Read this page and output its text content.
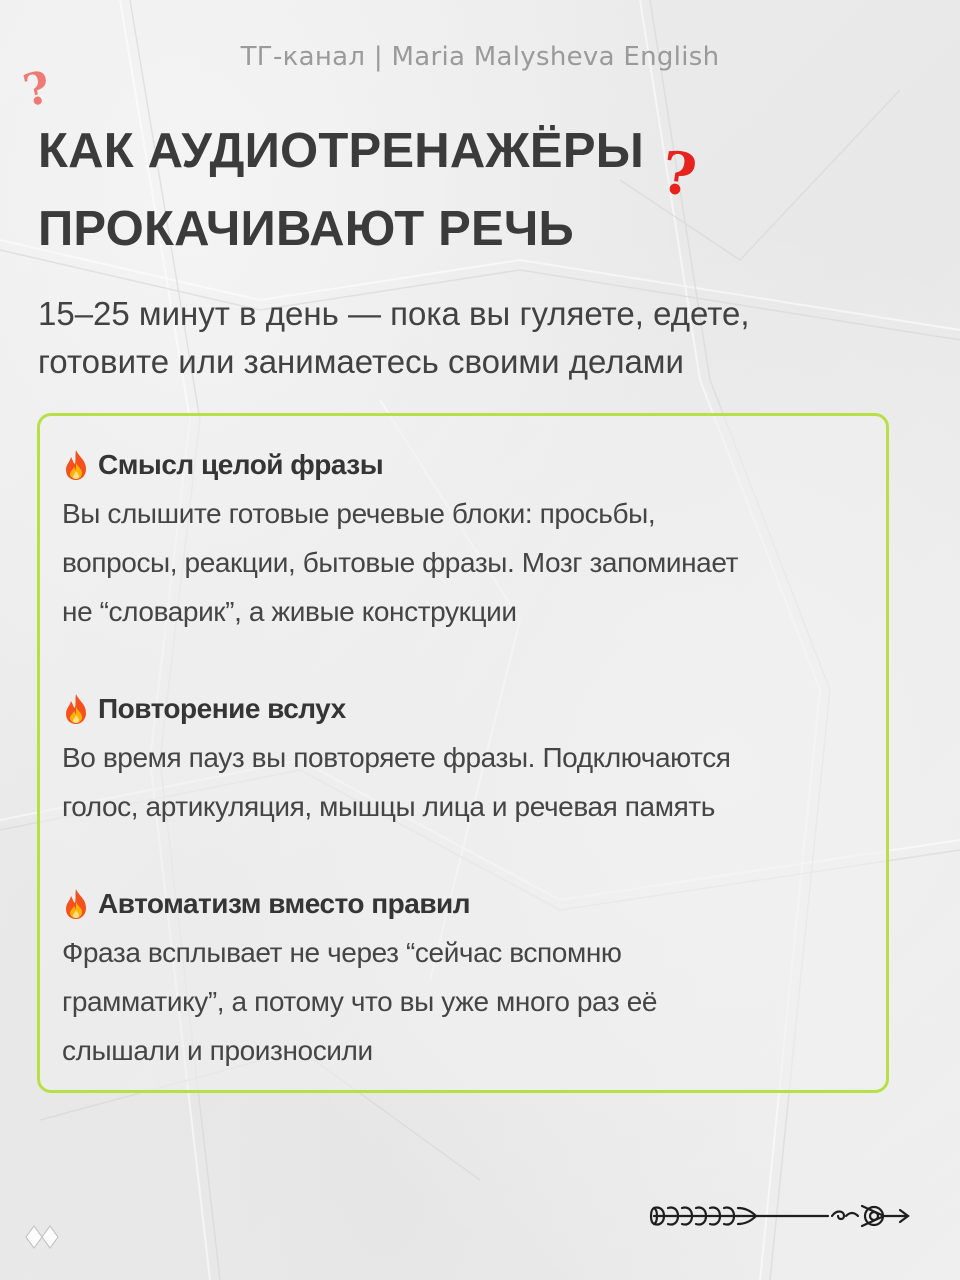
ТГ-канал | Maria Malysheva English
?
?
КАК АУДИОТРЕНАЖЁРЫ
ПРОКАЧИВАЮТ РЕЧЬ
15–25 минут в день — пока вы гуляете, едете,
готовите или занимаетесь своими делами
Смысл целой фразы
Вы слышите готовые речевые блоки: просьбы,
вопросы, реакции, бытовые фразы. Мозг запоминает
не “словарик”, а живые конструкции
Повторение вслух
Во время пауз вы повторяете фразы. Подключаются
голос, артикуляция, мышцы лица и речевая память
Автоматизм вместо правил
Фраза всплывает не через “сейчас вспомню
грамматику”, а потому что вы уже много раз её
слышали и произносили
